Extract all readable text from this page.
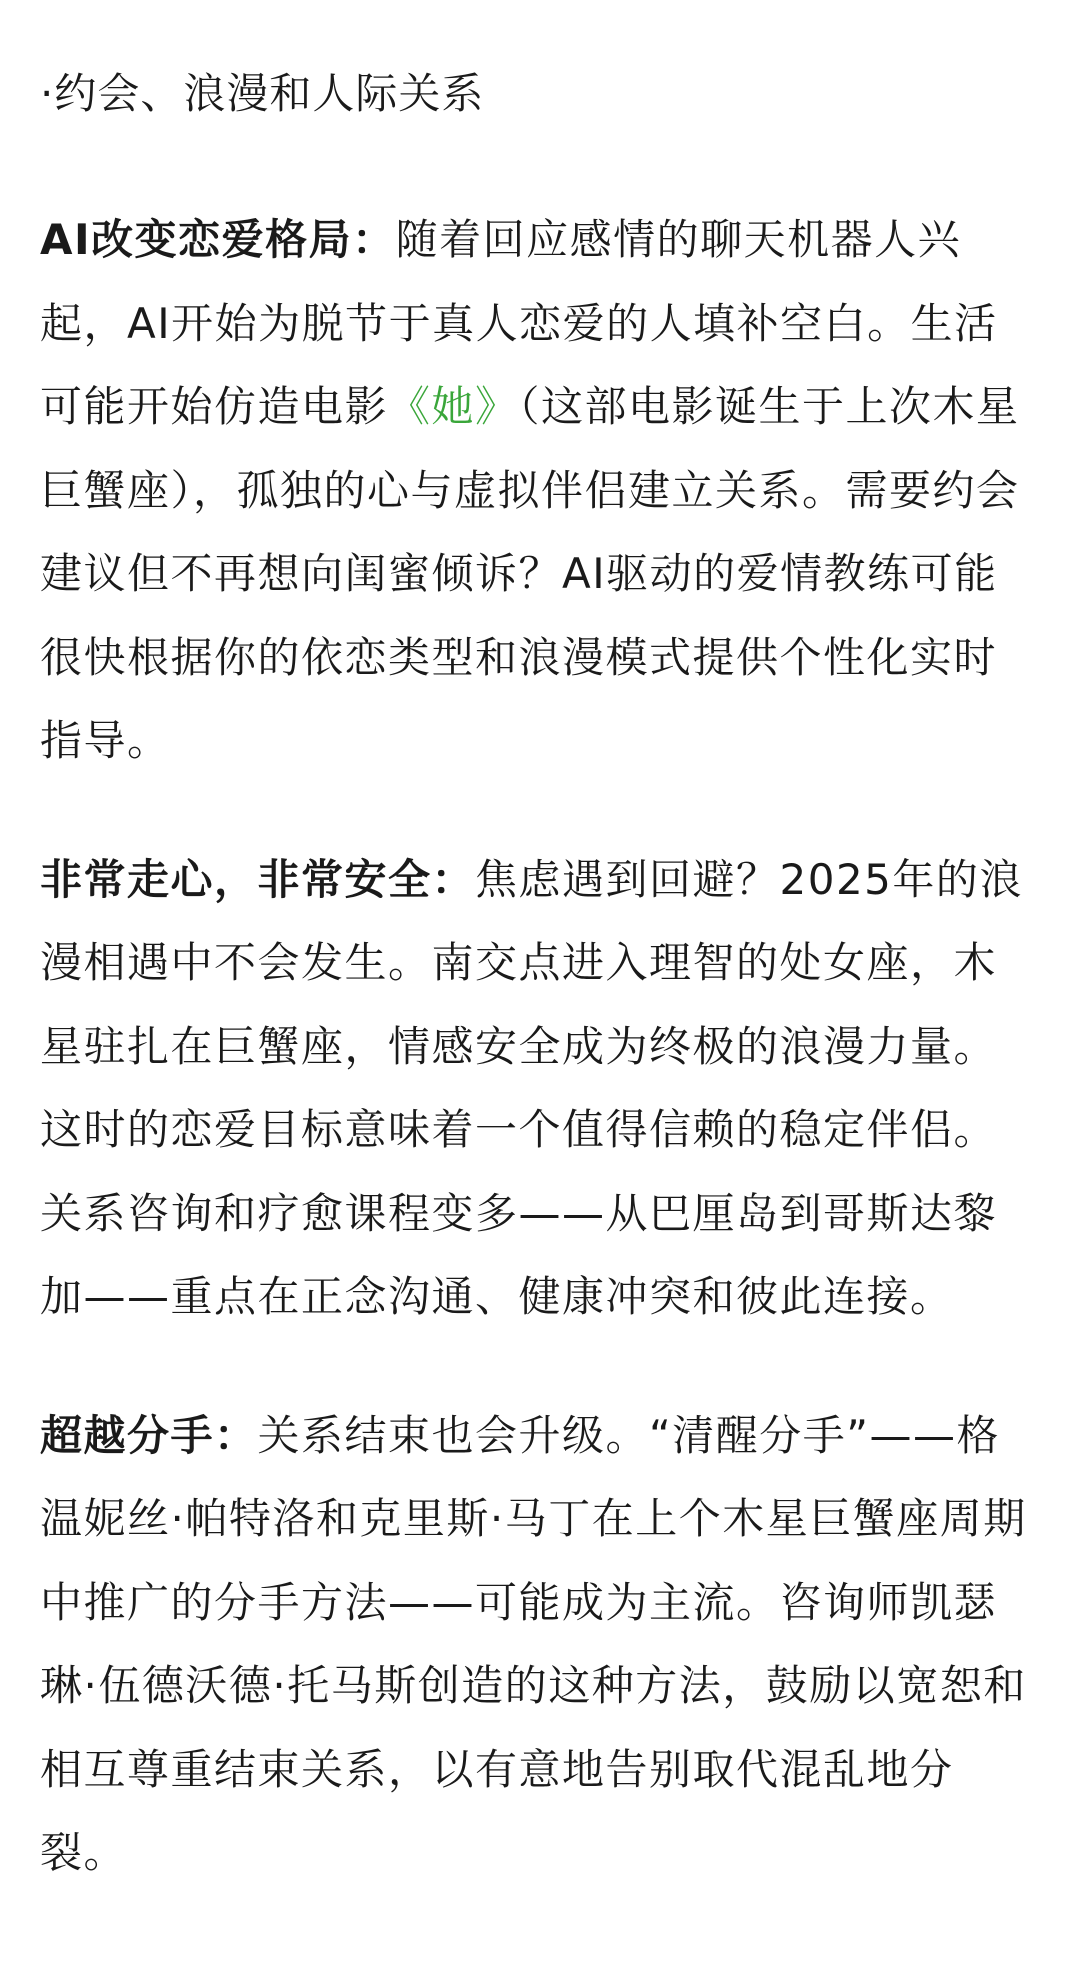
·约会、浪漫和人际关系

AI改变恋爱格局：随着回应感情的聊天机器人兴起，AI开始为脱节于真人恋爱的人填补空白。生活可能开始仿造电影《她》（这部电影诞生于上次木星巨蟹座），孤独的心与虚拟伴侣建立关系。需要约会建议但不再想向闺蜜倾诉？AI驱动的爱情教练可能很快根据你的依恋类型和浪漫模式提供个性化实时指导。

非常走心，非常安全：焦虑遇到回避？2025年的浪漫相遇中不会发生。南交点进入理智的处女座，木星驻扎在巨蟹座，情感安全成为终极的浪漫力量。这时的恋爱目标意味着一个值得信赖的稳定伴侣。关系咨询和疗愈课程变多——从巴厘岛到哥斯达黎加——重点在正念沟通、健康冲突和彼此连接。

超越分手：关系结束也会升级。“清醒分手”——格温妮丝·帕特洛和克里斯·马丁在上个木星巨蟹座周期中推广的分手方法——可能成为主流。咨询师凯瑟琳·伍德沃德·托马斯创造的这种方法，鼓励以宽恕和相互尊重结束关系，以有意地告别取代混乱地分裂。
